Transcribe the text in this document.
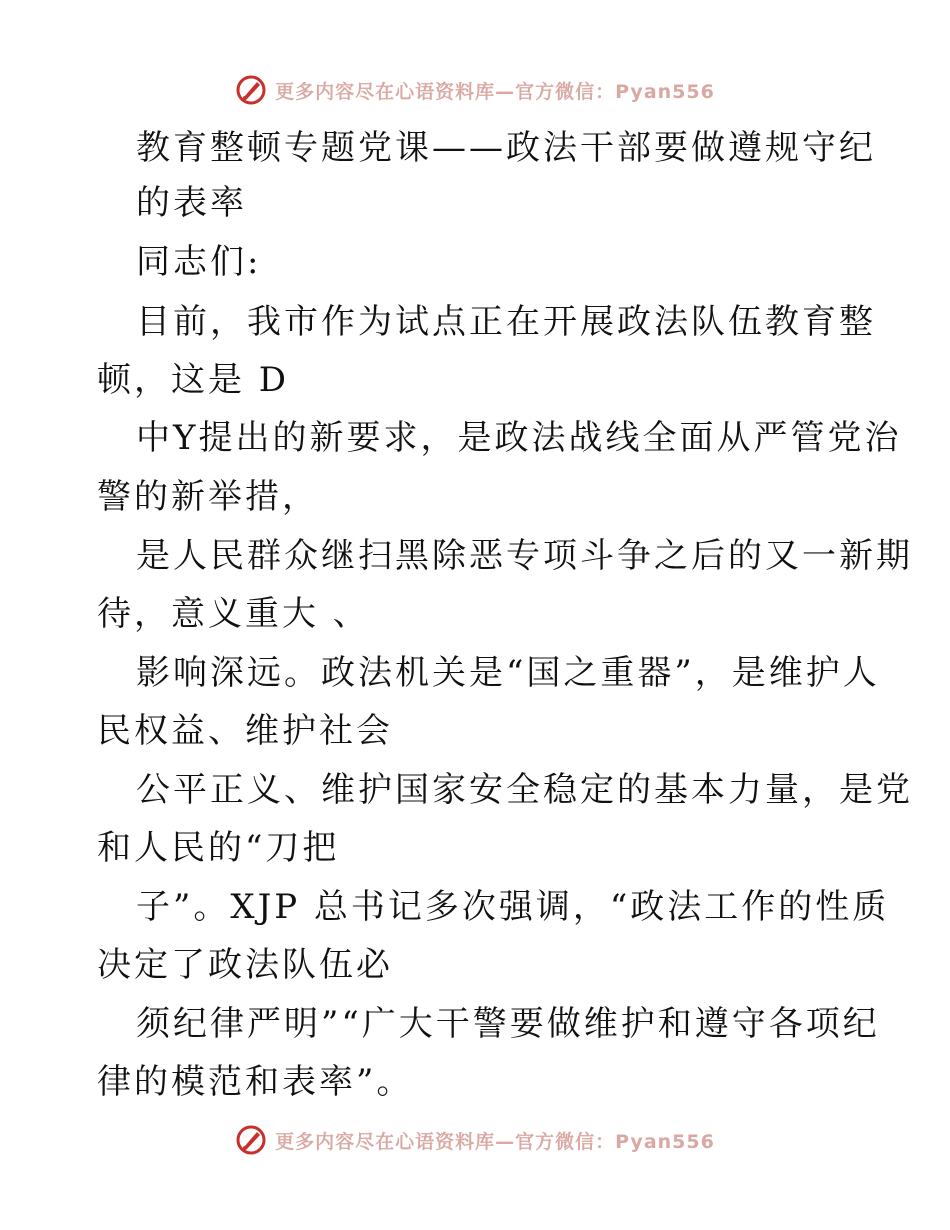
更多内容尽在心语资料库—官方微信：Pyan556
教育整顿专题党课——政法干部要做遵规守纪
的表率
同志们:
目前，我市作为试点正在开展政法队伍教育整
顿，这是 D
中Y提出的新要求，是政法战线全面从严管党治
警的新举措，
是人民群众继扫黑除恶专项斗争之后的又一新期
待，意义重大 、
影响深远。政法机关是“国之重器”，是维护人
民权益、维护社会
公平正义、维护国家安全稳定的基本力量，是党
和人民的“刀把
子”。XJP 总书记多次强调，“政法工作的性质
决定了政法队伍必
须纪律严明”“广大干警要做维护和遵守各项纪
律的模范和表率”。
更多内容尽在心语资料库—官方微信：Pyan556
